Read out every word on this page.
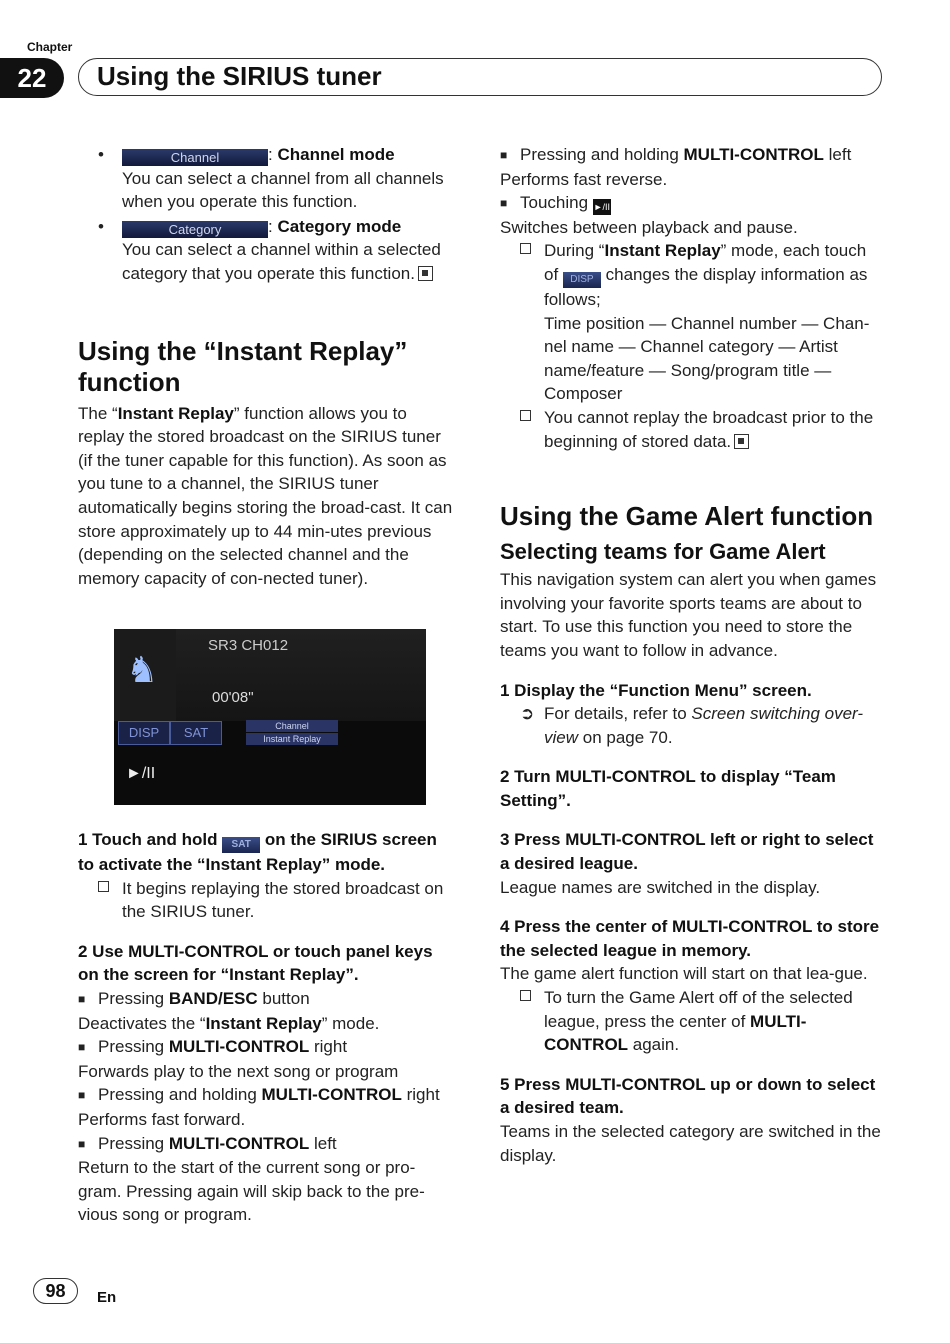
Chapter
22	Using the SIRIUS tuner
•	Channel	: Channel mode

You can select a channel from all channels when you operate this function.

•	Category	: Category mode

You can select a channel within a selected category that you operate this function.

Using the “Instant Replay” function

The “Instant Replay” function allows you to replay the stored broadcast on the SIRIUS tuner (if the tuner capable for this function). As soon as you tune to a channel, the SIRIUS tuner automatically begins storing the broad-cast. It can store approximately up to 44 min-utes previous (depending on the selected channel and the memory capacity of con-nected tuner).

♞
SR3 CH012
00'08"
DISP	SAT	Channel
Instant Replay
►/II

1 Touch and hold SAT on the SIRIUS screen to activate the “Instant Replay” mode.

It begins replaying the stored broadcast on the SIRIUS tuner.

2 Use MULTI-CONTROL or touch panel keys on the screen for “Instant Replay”.

■ Pressing BAND/ESC button

Deactivates the “Instant Replay” mode.

■ Pressing MULTI-CONTROL right

Forwards play to the next song or program

■ Pressing and holding MULTI-CONTROL right

Performs fast forward.

■ Pressing MULTI-CONTROL left

Return to the start of the current song or pro-gram. Pressing again will skip back to the pre-vious song or program.

■ Pressing and holding MULTI-CONTROL left

Performs fast reverse.

■ Touching ►/II

Switches between playback and pause.

During “Instant Replay” mode, each touch of DISP changes the display information as follows;

Time position — Channel number — Chan-nel name — Channel category — Artist name/feature — Song/program title — Composer

You cannot replay the broadcast prior to the beginning of stored data.

Using the Game Alert function
Selecting teams for Game Alert

This navigation system can alert you when games involving your favorite sports teams are about to start. To use this function you need to store the teams you want to follow in advance.

1 Display the “Function Menu” screen.

➲ For details, refer to Screen switching over-view on page 70.

2 Turn MULTI-CONTROL to display “Team Setting”.

3 Press MULTI-CONTROL left or right to select a desired league.

League names are switched in the display.

4 Press the center of MULTI-CONTROL to store the selected league in memory.

The game alert function will start on that lea-gue.

To turn the Game Alert off of the selected league, press the center of MULTI-CONTROL again.

5 Press MULTI-CONTROL up or down to select a desired team.

Teams in the selected category are switched in the display.

98	En
